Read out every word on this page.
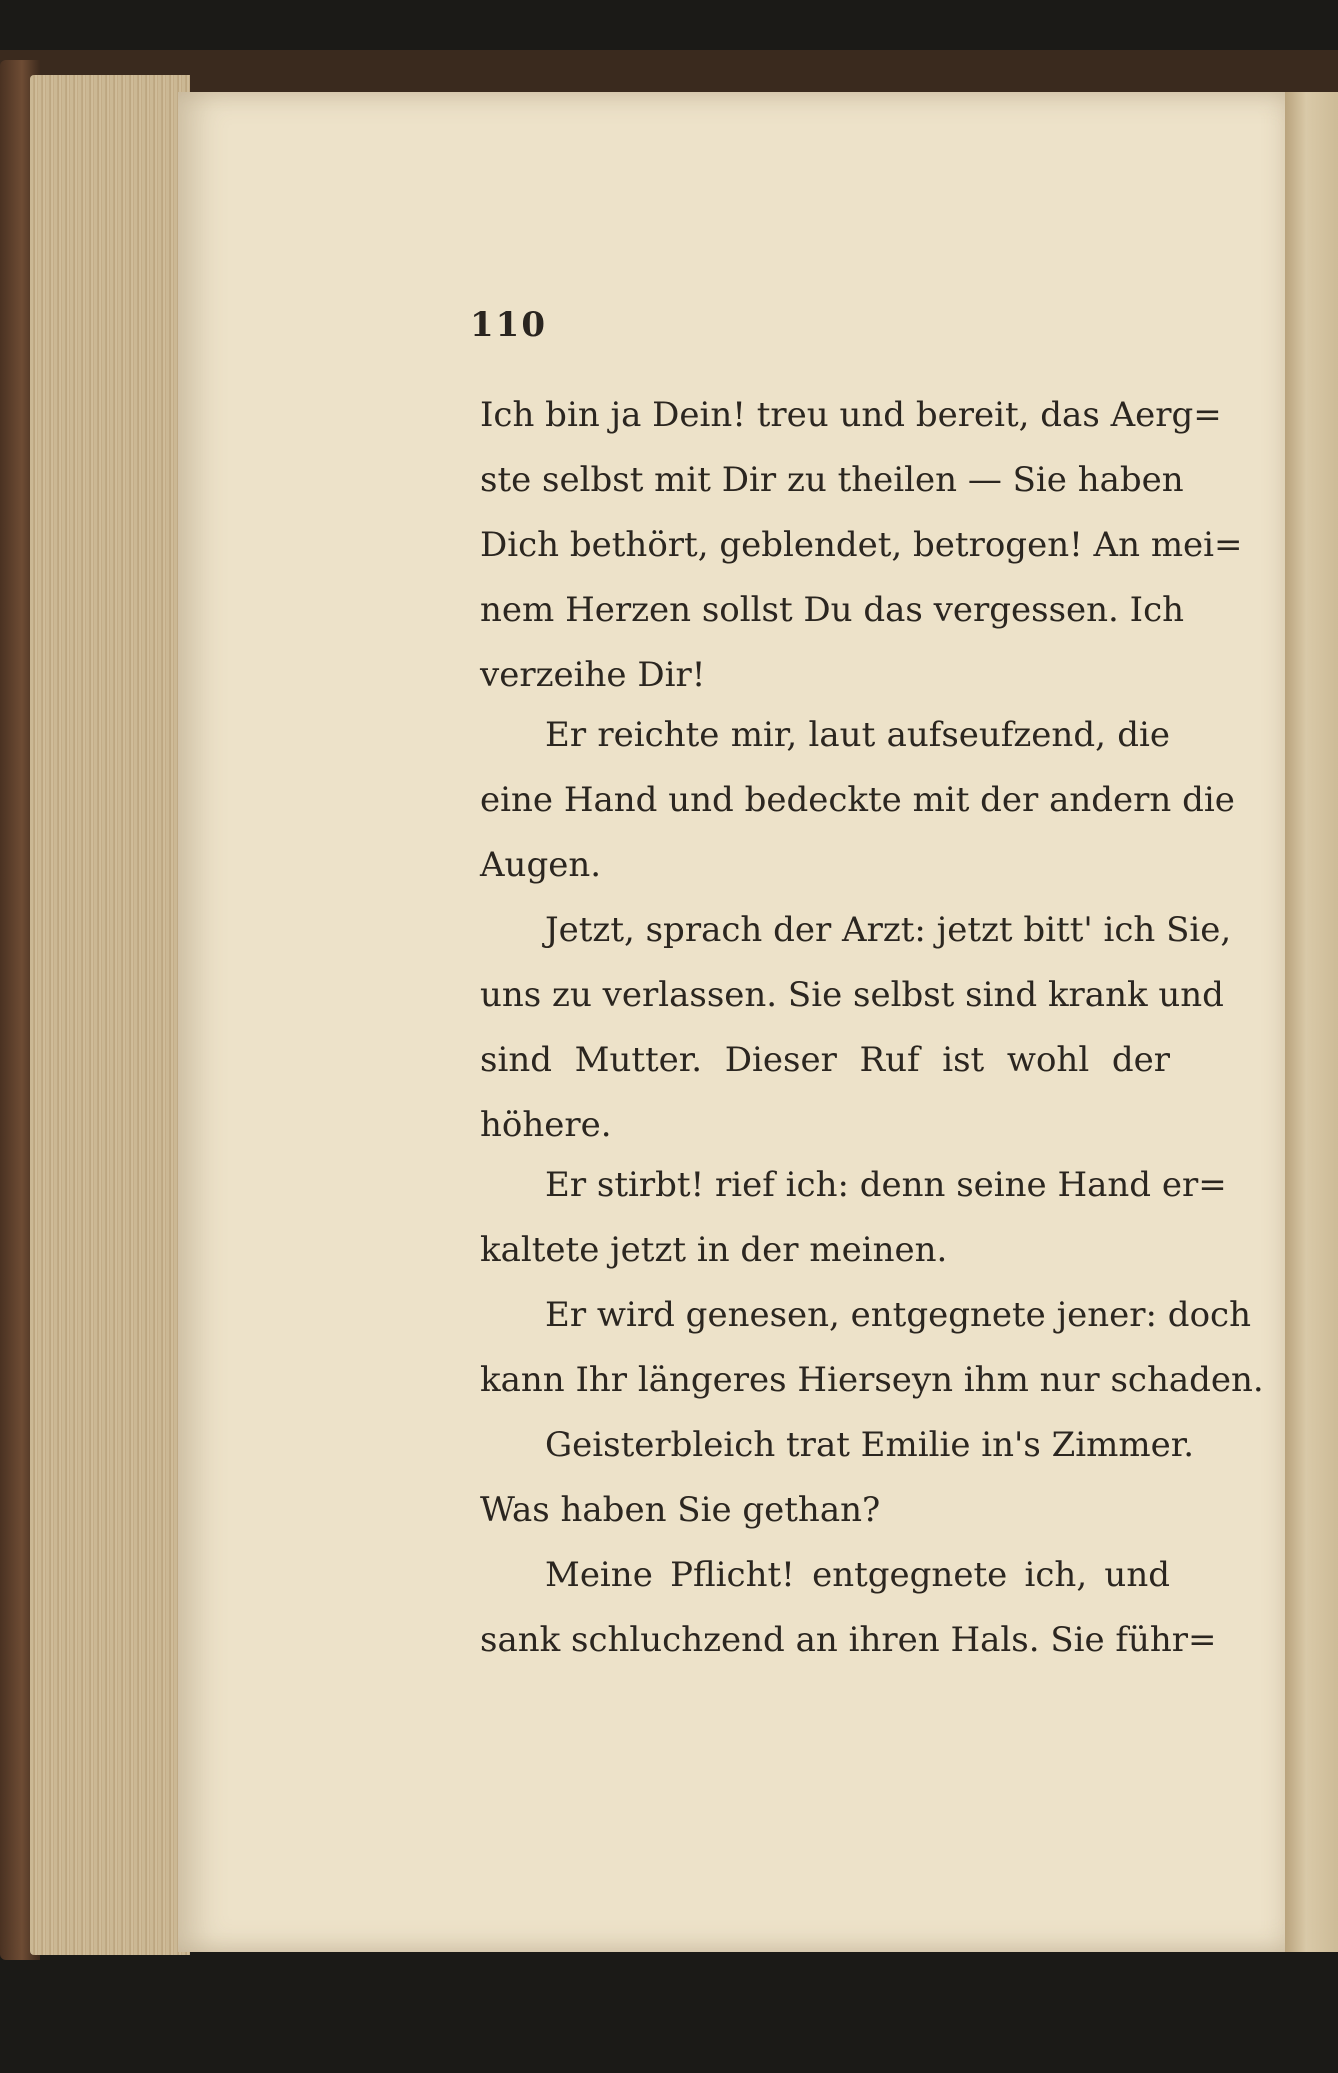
110
Ich bin ja Dein! treu und bereit, das Aerg=
ste selbst mit Dir zu theilen — Sie haben
Dich bethört, geblendet, betrogen! An mei=
nem Herzen sollst Du das vergessen. Ich
verzeihe Dir!
Er reichte mir, laut aufseufzend, die
eine Hand und bedeckte mit der andern die
Augen.
Jetzt, sprach der Arzt: jetzt bitt' ich Sie,
uns zu verlassen. Sie selbst sind krank und
sind Mutter. Dieser Ruf ist wohl der
höhere.
Er stirbt! rief ich: denn seine Hand er=
kaltete jetzt in der meinen.
Er wird genesen, entgegnete jener: doch
kann Ihr längeres Hierseyn ihm nur schaden.
Geisterbleich trat Emilie in's Zimmer.
Was haben Sie gethan?
Meine Pflicht! entgegnete ich, und
sank schluchzend an ihren Hals. Sie führ=
